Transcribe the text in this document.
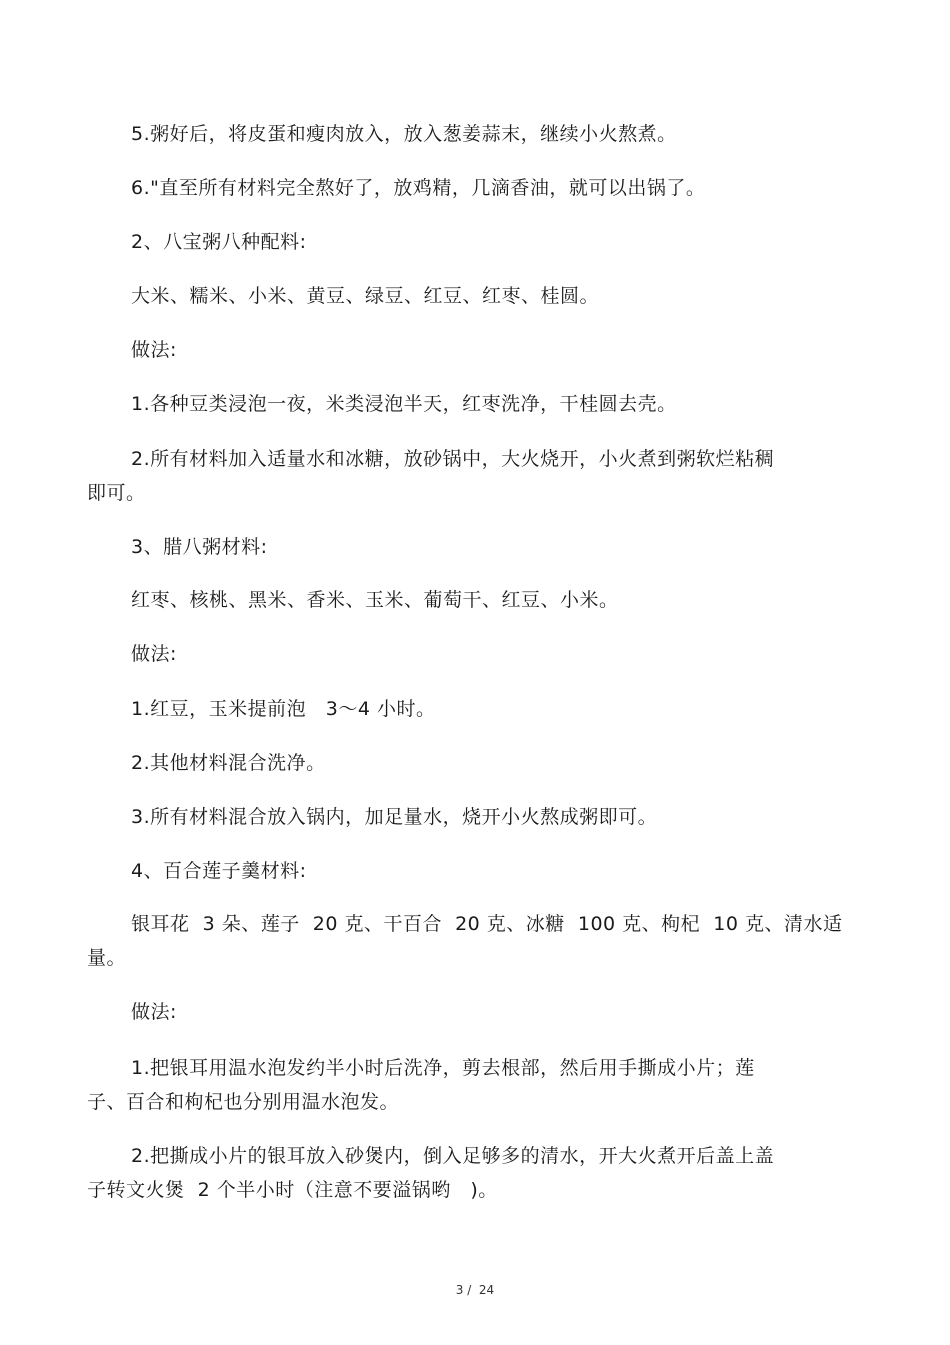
5.粥好后，将皮蛋和瘦肉放入，放入葱姜蒜末，继续小火熬煮。
6."直至所有材料完全熬好了，放鸡精，几滴香油，就可以出锅了。
2、八宝粥八种配料:
大米、糯米、小米、黄豆、绿豆、红豆、红枣、桂圆。
做法:
1.各种豆类浸泡一夜，米类浸泡半天，红枣洗净，干桂圆去壳。
2.所有材料加入适量水和冰糖，放砂锅中，大火烧开，小火煮到粥软烂粘稠
即可。
3、腊八粥材料:
红枣、核桃、黑米、香米、玉米、葡萄干、红豆、小米。
做法:
1.红豆，玉米提前泡   3～4 小时。
2.其他材料混合洗净。
3.所有材料混合放入锅内，加足量水，烧开小火熬成粥即可。
4、百合莲子羹材料:
银耳花  3 朵、莲子  20 克、干百合  20 克、冰糖  100 克、枸杞  10 克、清水适
量。
做法:
1.把银耳用温水泡发约半小时后洗净，剪去根部，然后用手撕成小片；莲
子、百合和枸杞也分别用温水泡发。
2.把撕成小片的银耳放入砂煲内，倒入足够多的清水，开大火煮开后盖上盖
子转文火煲  2 个半小时（注意不要溢锅哟   )。
3 /  24
